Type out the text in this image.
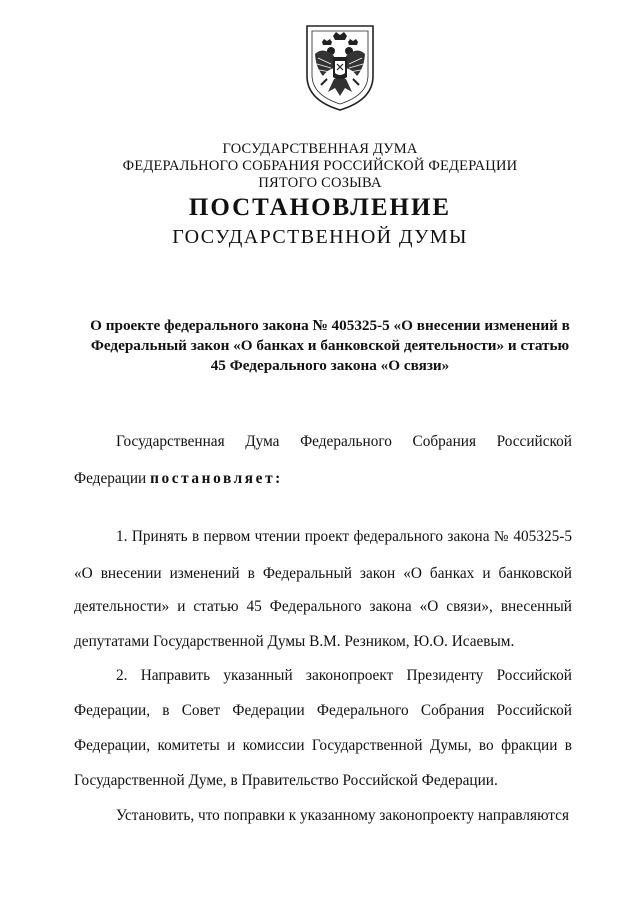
ГОСУДАРСТВЕННАЯ ДУМА
ФЕДЕРАЛЬНОГО СОБРАНИЯ РОССИЙСКОЙ ФЕДЕРАЦИИ
ПЯТОГО СОЗЫВА
ПОСТАНОВЛЕНИЕ
ГОСУДАРСТВЕННОЙ ДУМЫ
О проекте федерального закона № 405325-5 «О внесении изменений в
Федеральный закон «О банках и банковской деятельности» и статью
45 Федерального закона «О связи»
Государственная Дума Федерального Собрания Российской
Федерации постановляет:
1. Принять в первом чтении проект федерального закона № 405325-5
«О внесении изменений в Федеральный закон «О банках и банковской
деятельности» и статью 45 Федерального закона «О связи», внесенный
депутатами Государственной Думы В.М. Резником, Ю.О. Исаевым.
2. Направить указанный законопроект Президенту Российской
Федерации, в Совет Федерации Федерального Собрания Российской
Федерации, комитеты и комиссии Государственной Думы, во фракции в
Государственной Думе, в Правительство Российской Федерации.
Установить, что поправки к указанному законопроекту направляются
